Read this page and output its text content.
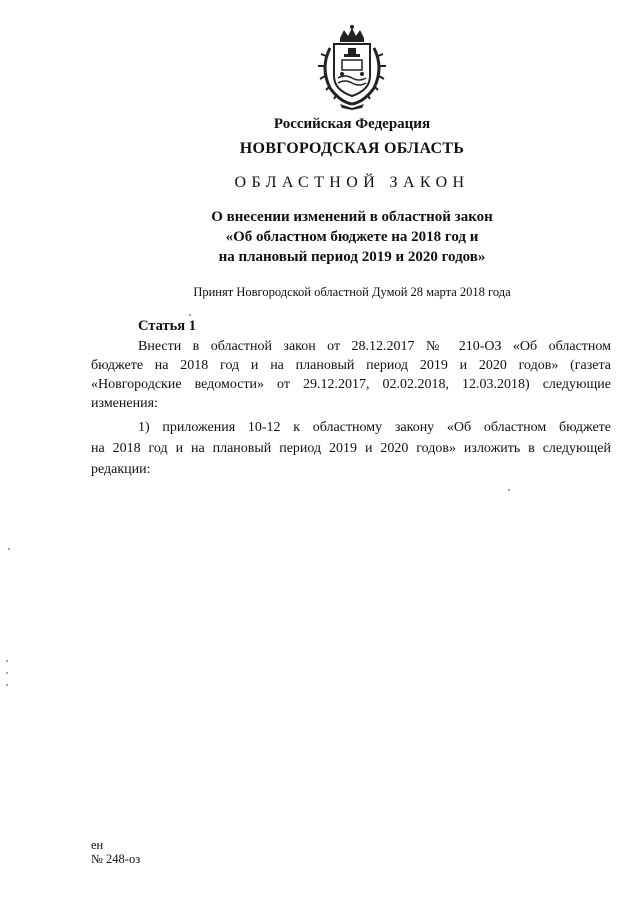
Российская Федерация
НОВГОРОДСКАЯ ОБЛАСТЬ
ОБЛАСТНОЙ ЗАКОН
О внесении изменений в областной закон
«Об областном бюджете на 2018 год и
на плановый период 2019 и 2020 годов»
Принят Новгородской областной Думой 28 марта 2018 года
Статья 1
Внести в областной закон от 28.12.2017 № 210-ОЗ «Об областном
бюджете на 2018 год и на плановый период 2019 и 2020 годов» (газета
«Новгородские ведомости» от 29.12.2017, 02.02.2018, 12.03.2018) следующие
изменения:
1) приложения 10-12 к областному закону «Об областном бюджете
на 2018 год и на плановый период 2019 и 2020 годов» изложить в следующей
редакции:
ен
№ 248-оз
